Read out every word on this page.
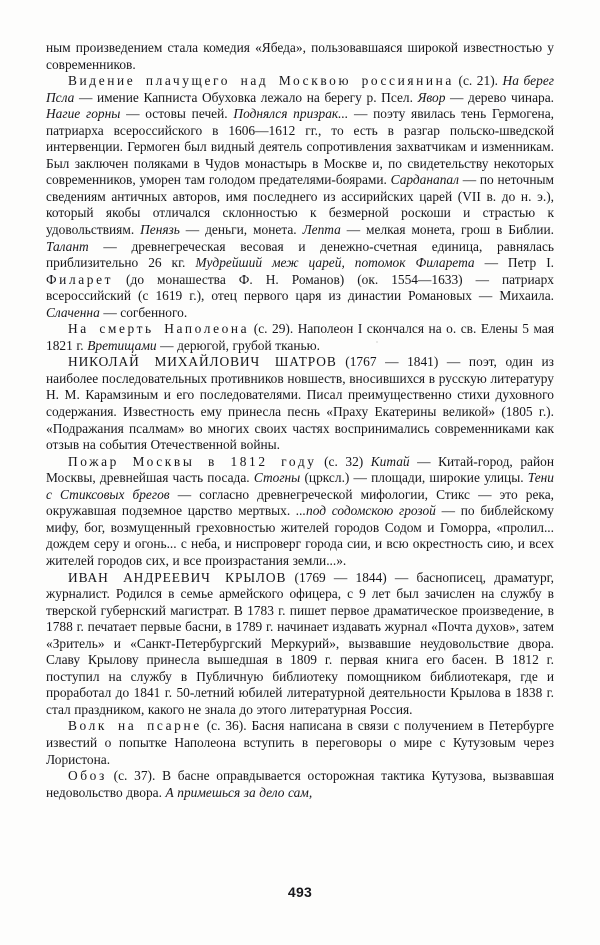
ным произведением стала комедия «Ябеда», пользовавшаяся широкой известностью у современников.

Видение плачущего над Москвою россиянина (с. 21). На берег Псла — имение Капниста Обуховка лежало на берегу р. Псел. Явор — дерево чинара. Нагие горны — остовы печей. Поднялся призрак... — поэту явилась тень Гермогена, патриарха всероссийского в 1606—1612 гг., то есть в разгар польско-шведской интервенции. Гермоген был видный деятель сопротивления захватчикам и изменникам. Был заключен поляками в Чудов монастырь в Москве и, по свидетельству некоторых современников, уморен там голодом предателями-боярами. Сарданапал — по неточным сведениям античных авторов, имя последнего из ассирийских царей (VII в. до н. э.), который якобы отличался склонностью к безмерной роскоши и страстью к удовольствиям. Пенязь — деньги, монета. Лепта — мелкая монета, грош в Библии. Талант — древнегреческая весовая и денежно-счетная единица, равнялась приблизительно 26 кг. Мудрейший меж царей, потомок Филарета — Петр I. Филарет (до монашества Ф. Н. Романов) (ок. 1554—1633) — патриарх всероссийский (с 1619 г.), отец первого царя из династии Романовых — Михаила. Слаченна — согбенного.

На смерть Наполеона (с. 29). Наполеон I скончался на о. св. Елены 5 мая 1821 г. Вретищами — дерюгой, грубой тканью.

НИКОЛАЙ МИХАЙЛОВИЧ ШАТРОВ (1767 — 1841) — поэт, один из наиболее последовательных противников новшеств, вносившихся в русскую литературу Н. М. Карамзиным и его последователями. Писал преимущественно стихи духовного содержания. Известность ему принесла песнь «Праху Екатерины великой» (1805 г.). «Подражания псалмам» во многих своих частях воспринимались современниками как отзыв на события Отечественной войны.

Пожар Москвы в 1812 году (с. 32) Китай — Китай-город, район Москвы, древнейшая часть посада. Стогны (црксл.) — площади, широкие улицы. Тени с Стиксовых брегов — согласно древнегреческой мифологии, Стикс — это река, окружавшая подземное царство мертвых. ...под содомскою грозой — по библейскому мифу, бог, возмущенный греховностью жителей городов Содом и Гоморра, «пролил... дождем серу и огонь... с неба, и ниспроверг города сии, и всю окрестность сию, и всех жителей городов сих, и все произрастания земли...».

ИВАН АНДРЕЕВИЧ КРЫЛОВ (1769 — 1844) — баснописец, драматург, журналист. Родился в семье армейского офицера, с 9 лет был зачислен на службу в тверской губернский магистрат. В 1783 г. пишет первое драматическое произведение, в 1788 г. печатает первые басни, в 1789 г. начинает издавать журнал «Почта духов», затем «Зритель» и «Санкт-Петербургский Меркурий», вызвавшие неудовольствие двора. Славу Крылову принесла вышедшая в 1809 г. первая книга его басен. В 1812 г. поступил на службу в Публичную библиотеку помощником библиотекаря, где и проработал до 1841 г. 50-летний юбилей литературной деятельности Крылова в 1838 г. стал праздником, какого не знала до этого литературная Россия.

Волк на псарне (с. 36). Басня написана в связи с получением в Петербурге известий о попытке Наполеона вступить в переговоры о мире с Кутузовым через Лористона.

Обоз (с. 37). В басне оправдывается осторожная тактика Кутузова, вызвавшая недовольство двора. А примешься за дело сам,

493
